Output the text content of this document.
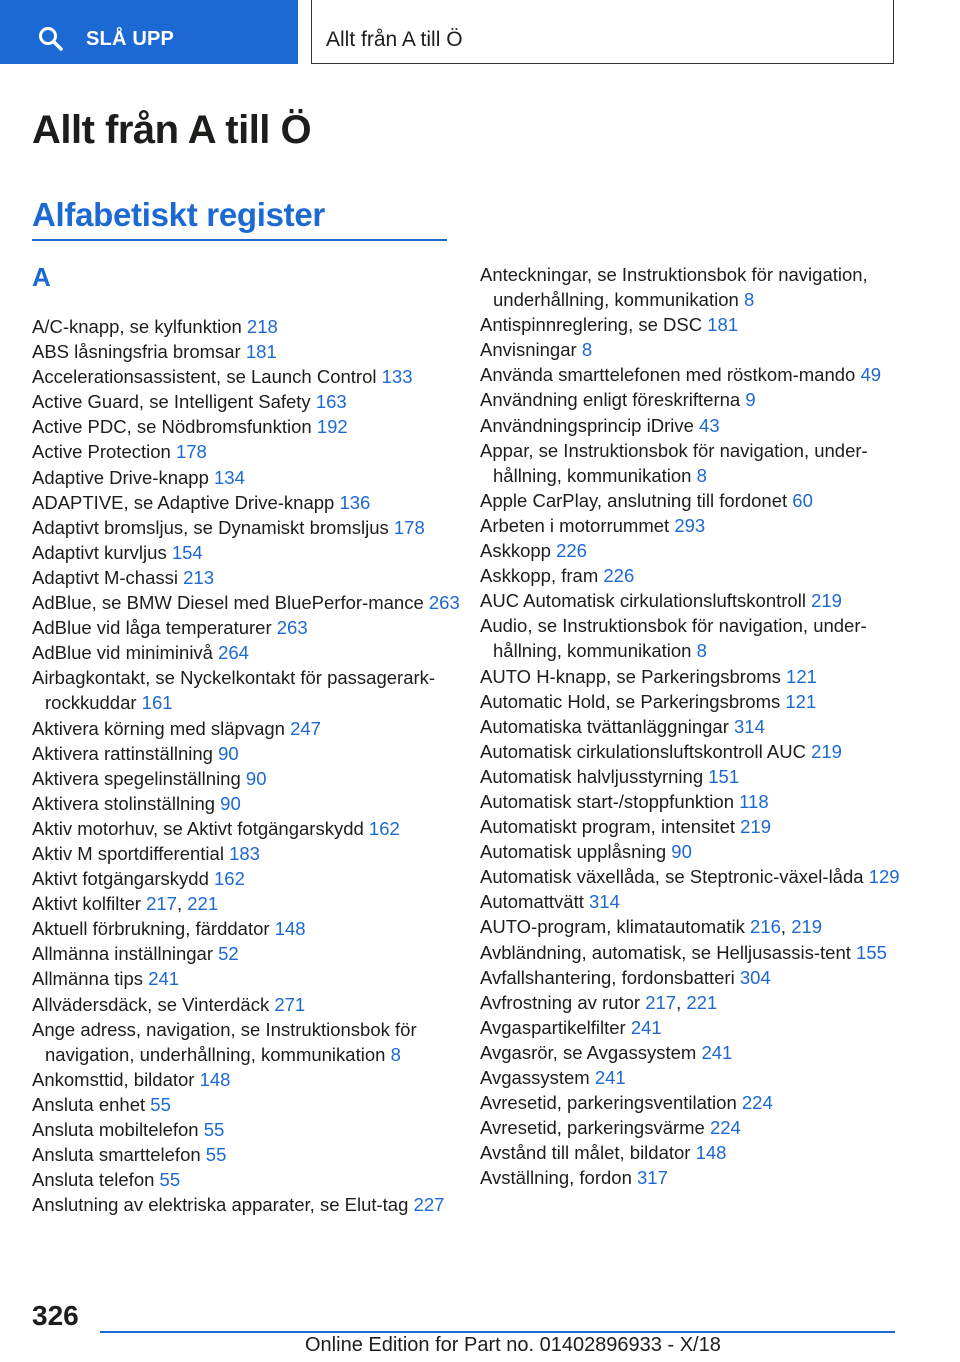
SLÅ UPP	Allt från A till Ö
Allt från A till Ö
Alfabetiskt register
A
A/C-knapp, se kylfunktion 218
ABS låsningsfria bromsar 181
Accelerationsassistent, se Launch Control 133
Active Guard, se Intelligent Safety 163
Active PDC, se Nödbromsfunktion 192
Active Protection 178
Adaptive Drive-knapp 134
ADAPTIVE, se Adaptive Drive-knapp 136
Adaptivt bromsljus, se Dynamiskt bromsljus 178
Adaptivt kurvljus 154
Adaptivt M-chassi 213
AdBlue, se BMW Diesel med BluePerfor-mance 263
AdBlue vid låga temperaturer 263
AdBlue vid miniminivå 264
Airbagkontakt, se Nyckelkontakt för passagerark-rockkuddar 161
Aktivera körning med släpvagn 247
Aktivera rattinställning 90
Aktivera spegelinställning 90
Aktivera stolinställning 90
Aktiv motorhuv, se Aktivt fotgängarskydd 162
Aktiv M sportdifferential 183
Aktivt fotgängarskydd 162
Aktivt kolfilter 217, 221
Aktuell förbrukning, färddator 148
Allmänna inställningar 52
Allmänna tips 241
Allvädersdäck, se Vinterdäck 271
Ange adress, navigation, se Instruktionsbok för navigation, underhållning, kommunikation 8
Ankomsttid, bildator 148
Ansluta enhet 55
Ansluta mobiltelefon 55
Ansluta smarttelefon 55
Ansluta telefon 55
Anslutning av elektriska apparater, se Elut-tag 227
Anteckningar, se Instruktionsbok för navigation, underhållning, kommunikation 8
Antispinnreglering, se DSC 181
Anvisningar 8
Använda smarttelefonen med röstkom-mando 49
Användning enligt föreskrifterna 9
Användningsprincip iDrive 43
Appar, se Instruktionsbok för navigation, under-hållning, kommunikation 8
Apple CarPlay, anslutning till fordonet 60
Arbeten i motorrummet 293
Askkopp 226
Askkopp, fram 226
AUC Automatisk cirkulationsluftskontroll 219
Audio, se Instruktionsbok för navigation, under-hållning, kommunikation 8
AUTO H-knapp, se Parkeringsbroms 121
Automatic Hold, se Parkeringsbroms 121
Automatiska tvättanläggningar 314
Automatisk cirkulationsluftskontroll AUC 219
Automatisk halvljusstyrning 151
Automatisk start-/stoppfunktion 118
Automatiskt program, intensitet 219
Automatisk upplåsning 90
Automatisk växellåda, se Steptronic-växel-låda 129
Automattvätt 314
AUTO-program, klimatautomatik 216, 219
Avbländning, automatisk, se Helljusassis-tent 155
Avfallshantering, fordonsbatteri 304
Avfrostning av rutor 217, 221
Avgaspartikelfilter 241
Avgasrör, se Avgassystem 241
Avgassystem 241
Avresetid, parkeringsventilation 224
Avresetid, parkeringsvärme 224
Avstånd till målet, bildator 148
Avställning, fordon 317
326
Online Edition for Part no. 01402896933 - X/18
